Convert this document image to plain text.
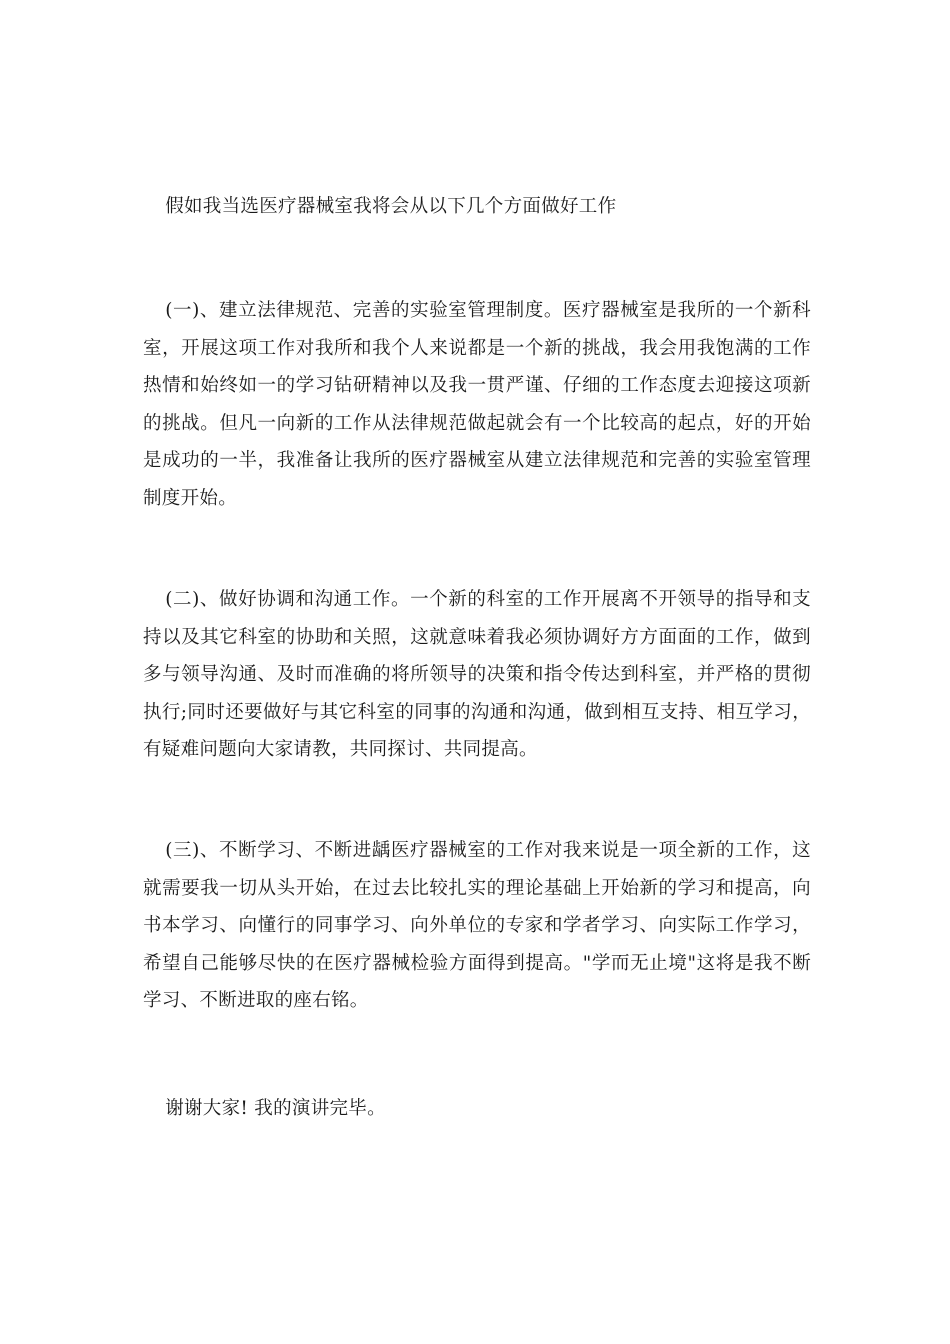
假如我当选医疗器械室我将会从以下几个方面做好工作

(一)、建立法律规范、完善的实验室管理制度。医疗器械室是我所的一个新科室，开展这项工作对我所和我个人来说都是一个新的挑战，我会用我饱满的工作热情和始终如一的学习钻研精神以及我一贯严谨、仔细的工作态度去迎接这项新的挑战。但凡一向新的工作从法律规范做起就会有一个比较高的起点，好的开始是成功的一半，我准备让我所的医疗器械室从建立法律规范和完善的实验室管理制度开始。

(二)、做好协调和沟通工作。一个新的科室的工作开展离不开领导的指导和支持以及其它科室的协助和关照，这就意味着我必须协调好方方面面的工作，做到多与领导沟通、及时而准确的将所领导的决策和指令传达到科室，并严格的贯彻执行;同时还要做好与其它科室的同事的沟通和沟通，做到相互支持、相互学习，有疑难问题向大家请教，共同探讨、共同提高。

(三)、不断学习、不断进龋医疗器械室的工作对我来说是一项全新的工作，这就需要我一切从头开始，在过去比较扎实的理论基础上开始新的学习和提高，向书本学习、向懂行的同事学习、向外单位的专家和学者学习、向实际工作学习，希望自己能够尽快的在医疗器械检验方面得到提高。"学而无止境"这将是我不断学习、不断进取的座右铭。

谢谢大家! 我的演讲完毕。
